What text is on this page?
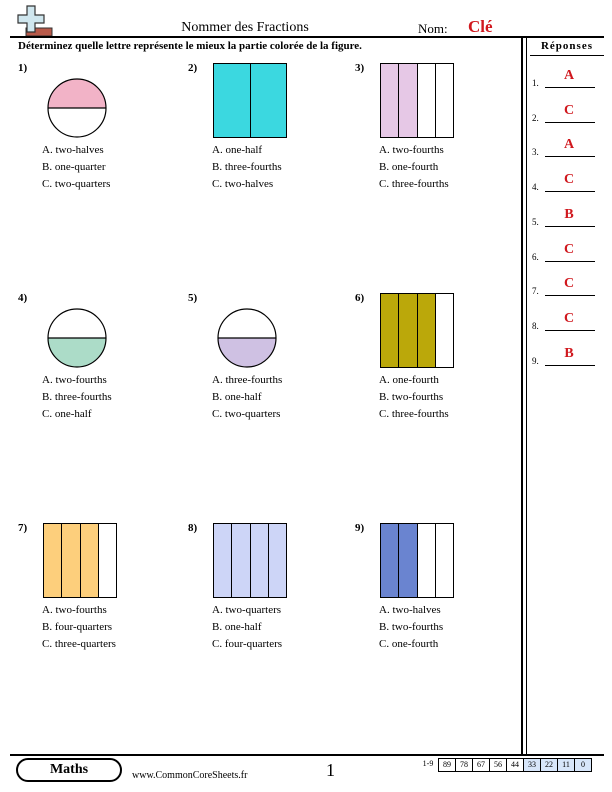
Nommer des Fractions	Nom: Clé
Déterminez quelle lettre représente le mieux la partie colorée de la figure.	Réponses
1.	A
2.	C
3.	A
4.	C
5.	B
6.	C
7.	C
8.	C
9.	B
1)
A. two-halves
B. one-quarter
C. two-quarters
2)
A. one-half
B. three-fourths
C. two-halves
3)
A. two-fourths
B. one-fourth
C. three-fourths
4)
A. two-fourths
B. three-fourths
C. one-half
5)
A. three-fourths
B. one-half
C. two-quarters
6)
A. one-fourth
B. two-fourths
C. three-fourths
7)
A. two-fourths
B. four-quarters
C. three-quarters
8)
A. two-quarters
B. one-half
C. four-quarters
9)
A. two-halves
B. two-fourths
C. one-fourth
Maths	www.CommonCoreSheets.fr	1	1-9	89	78	67	56	44	33	22	11	0
